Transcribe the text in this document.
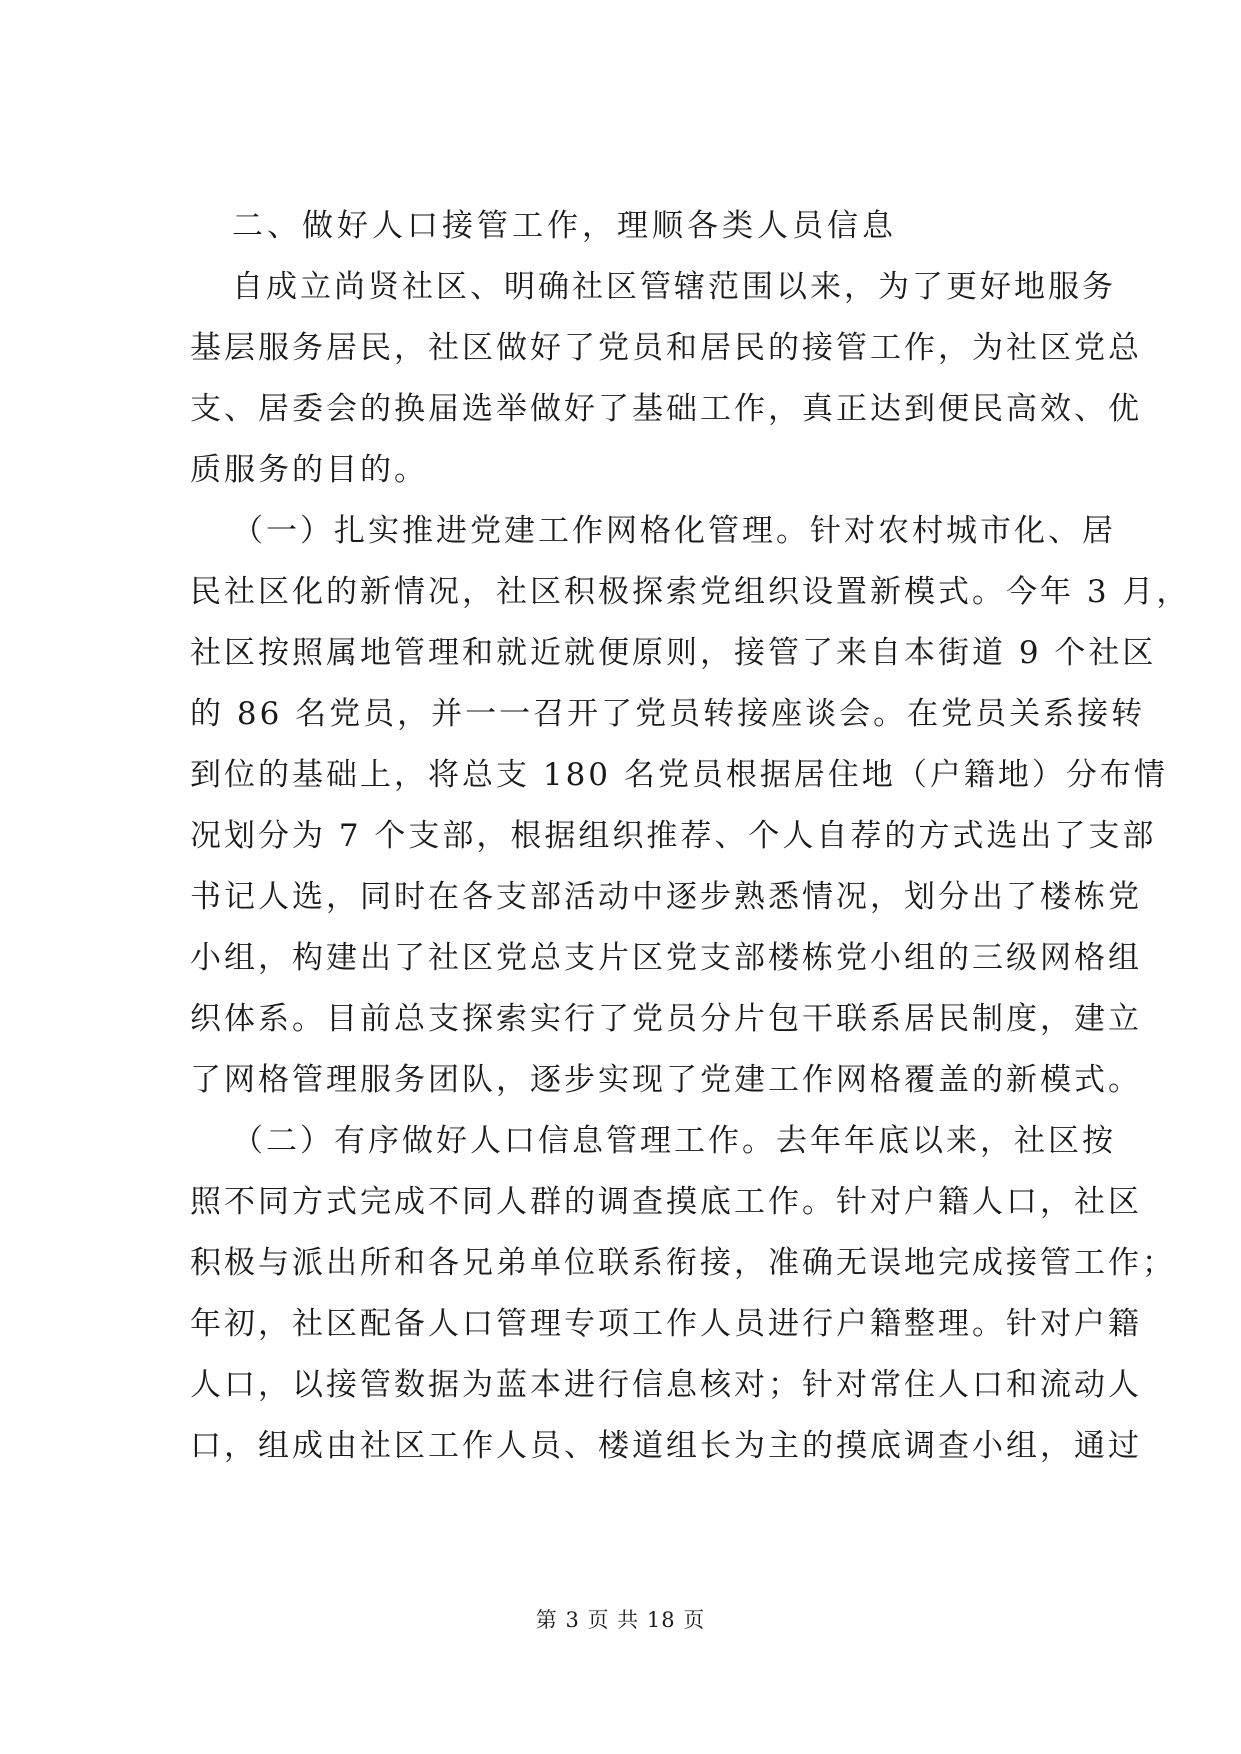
二、做好人口接管工作，理顺各类人员信息
自成立尚贤社区、明确社区管辖范围以来，为了更好地服务
基层服务居民，社区做好了党员和居民的接管工作，为社区党总
支、居委会的换届选举做好了基础工作，真正达到便民高效、优
质服务的目的。
（一）扎实推进党建工作网格化管理。针对农村城市化、居
民社区化的新情况，社区积极探索党组织设置新模式。今年 3 月，
社区按照属地管理和就近就便原则，接管了来自本街道 9 个社区
的 86 名党员，并一一召开了党员转接座谈会。在党员关系接转
到位的基础上，将总支 180 名党员根据居住地（户籍地）分布情
况划分为 7 个支部，根据组织推荐、个人自荐的方式选出了支部
书记人选，同时在各支部活动中逐步熟悉情况，划分出了楼栋党
小组，构建出了社区党总支片区党支部楼栋党小组的三级网格组
织体系。目前总支探索实行了党员分片包干联系居民制度，建立
了网格管理服务团队，逐步实现了党建工作网格覆盖的新模式。
（二）有序做好人口信息管理工作。去年年底以来，社区按
照不同方式完成不同人群的调查摸底工作。针对户籍人口，社区
积极与派出所和各兄弟单位联系衔接，准确无误地完成接管工作；
年初，社区配备人口管理专项工作人员进行户籍整理。针对户籍
人口，以接管数据为蓝本进行信息核对；针对常住人口和流动人
口，组成由社区工作人员、楼道组长为主的摸底调查小组，通过
第 3 页 共 18 页
